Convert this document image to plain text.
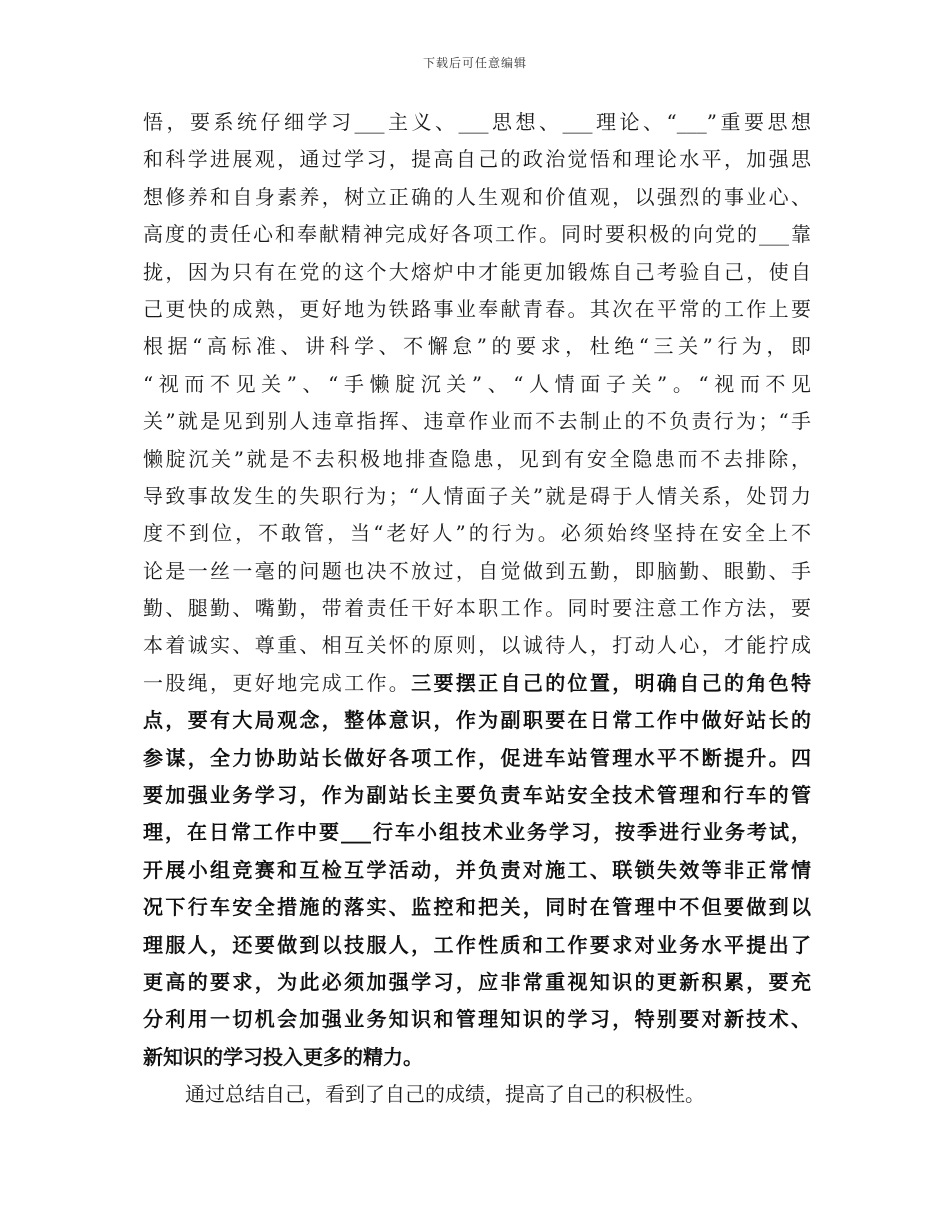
下载后可任意编辑
悟，要系统仔细学习___主义、___思想、___理论、“___”重要思想
和科学进展观，通过学习，提高自己的政治觉悟和理论水平，加强思
想修养和自身素养，树立正确的人生观和价值观，以强烈的事业心、
高度的责任心和奉献精神完成好各项工作。同时要积极的向党的___靠
拢，因为只有在党的这个大熔炉中才能更加锻炼自己考验自己，使自
己更快的成熟，更好地为铁路事业奉献青春。其次在平常的工作上要
根据“高标准、讲科学、不懈怠”的要求，杜绝“三关”行为，即
“视而不见关”、“手懒腚沉关”、“人情面子关”。“视而不见
关”就是见到别人违章指挥、违章作业而不去制止的不负责行为；“手
懒腚沉关”就是不去积极地排查隐患，见到有安全隐患而不去排除，
导致事故发生的失职行为；“人情面子关”就是碍于人情关系，处罚力
度不到位，不敢管，当“老好人”的行为。必须始终坚持在安全上不
论是一丝一毫的问题也决不放过，自觉做到五勤，即脑勤、眼勤、手
勤、腿勤、嘴勤，带着责任干好本职工作。同时要注意工作方法，要
本着诚实、尊重、相互关怀的原则，以诚待人，打动人心，才能拧成
一股绳，更好地完成工作。三要摆正自己的位置，明确自己的角色特
点，要有大局观念，整体意识，作为副职要在日常工作中做好站长的
参谋，全力协助站长做好各项工作，促进车站管理水平不断提升。四
要加强业务学习，作为副站长主要负责车站安全技术管理和行车的管
理，在日常工作中要___行车小组技术业务学习，按季进行业务考试，
开展小组竞赛和互检互学活动，并负责对施工、联锁失效等非正常情
况下行车安全措施的落实、监控和把关，同时在管理中不但要做到以
理服人，还要做到以技服人，工作性质和工作要求对业务水平提出了
更高的要求，为此必须加强学习，应非常重视知识的更新积累，要充
分利用一切机会加强业务知识和管理知识的学习，特别要对新技术、
新知识的学习投入更多的精力。
通过总结自己，看到了自己的成绩，提高了自己的积极性。
